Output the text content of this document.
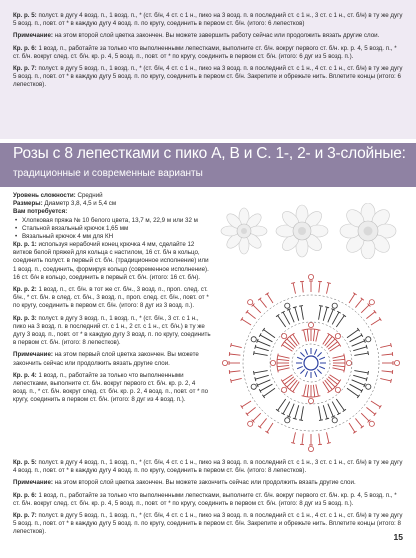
Кр. р. 5: полуст. в дугу 4 возд. п., 1 возд. п., * (ст. б/н, 4 ст. с 1 н., пико на 3 возд. п. в последний ст. с 1 н., 3 ст. с 1 н., ст. б/н) в ту же дугу 5 возд. п., повт. от * в каждую дугу 4 возд. п. по кругу, соединить в первом ст. б/н. (итого: 6 лепестков)

Примечание: на этом второй слой цветка закончен. Вы можете завершить работу сейчас или продолжить вязать другие слои.

Кр. р. 6: 1 возд. п., работайте за только что выполненными лепестками, выполните ст. б/н. вокруг первого ст. б/н. кр. р. 4, 5 возд. п., * ст. б/н. вокруг след. ст. б/н. кр. р. 4, 5 возд. п., повт. от * по кругу, соединить в первом ст. б/н. (итого: 6 дуг из 5 возд. п.).

Кр. р. 7: полуст. в дугу 5 возд. п., 1 возд. п., * (ст. б/н, 4 ст. с 1 н., пико на 3 возд. п. в последний ст. с 1 н., 4 ст. с 1 н., ст. б/н) в ту же дугу 5 возд. п., повт. от * в каждую дугу 5 возд. п. по кругу, соединить в первом ст. б/н. Закрепите и обрежьте нить. Вплетите концы (итого: 6 лепестков).

Розы с 8 лепестками с пико A, B и C. 1-, 2- и 3-слойные:
традиционные и современные варианты

Уровень сложности: Средний

Размеры: Диаметр 3,8, 4,5 и 5,4 см

Вам потребуется:

• Хлопковая пряжа № 10 белого цвета, 13,7 м, 22,9 м или 32 м
• Стальной вязальный крючок 1,65 мм
• Вязальный крючок 4 мм для КН

Кр. р. 1: используя нерабочий конец крючка 4 мм, сделайте 12 витков белой пряжей для кольца с настилом, 16 ст. б/н в кольцо, соединить полуст. в первый ст. б/н. (традиционное исполнение) или 1 возд. п., соединить, формируя кольцо (современное исполнение). 16 ст. б/н в кольцо, соединить в первый ст. б/н. (итого: 16 ст. б/н).

Кр. р. 2: 1 возд. п., ст. б/н. в тот же ст. б/н., 3 возд. п., проп. след. ст. б/н., * ст. б/н. в след. ст. б/н., 3 возд. п., проп. след. ст. б/н., повт. от * по кругу, соединить в первом ст. б/н. (итого: 8 дуг из 3 возд. п.).

Кр. р. 3: полуст. в дугу 3 возд. п., 1 возд. п., * (ст. б/н., 3 ст. с 1 н., пико на 3 возд. п. в последний ст. с 1 н., 2 ст. с 1 н., ст. б/н.) в ту же дугу 3 возд. п., повт. от * в каждую дугу 3 возд. п. по кругу, соединить в первом ст. б/н. (итого: 8 лепестков).

Примечание: на этом первый слой цветка закончен. Вы можете закончить сейчас или продолжить вязать другие слои.

Кр. р. 4: 1 возд. п., работайте за только что выполненными лепестками, выполните ст. б/н. вокруг первого ст. б/н. кр. р. 2, 4 возд. п., * ст. б/н. вокруг след. ст. б/н. кр. р. 2, 4 возд. п., повт. от * по кругу, соединить в первом ст. б/н. (итого: 8 дуг из 4 возд. п.).

Кр. р. 5: полуст. в дугу 4 возд. п., 1 возд. п., * (ст. б/н, 4 ст. с 1 н., пико на 3 возд. п. в последний ст. с 1 н., 3 ст. с 1 н., ст. б/н) в ту же дугу 4 возд. п., повт. от * в каждую дугу 4 возд. п. по кругу, соединить в первом ст. б/н. (итого: 8 лепестков).

Примечание: на этом второй слой цветка закончен. Вы можете закончить сейчас или продолжить вязать другие слои.

Кр. р. 6: 1 возд. п., работайте за только что выполненными лепестками, выполните ст. б/н. вокруг первого ст. б/н. кр. р. 4, 5 возд. п., * ст. б/н. вокруг след. ст. б/н. кр. р. 4, 5 возд. п., повт. от * по кругу, соединить в первом ст. б/н. (итого: 8 дуг из 5 возд. п.).

Кр. р. 7: полуст. в дугу 5 возд. п., 1 возд. п., * (ст. б/н, 4 ст. с 1 н., пико на 3 возд. п. в последний ст. с 1 н., 4 ст. с 1 н., ст. б/н) в ту же дугу 5 возд. п., повт. от * в каждую дугу 5 возд. п. по кругу, соединить в первом ст. б/н. Закрепите и обрежьте нить. Вплетите концы (итого: 8 лепестков).

15
